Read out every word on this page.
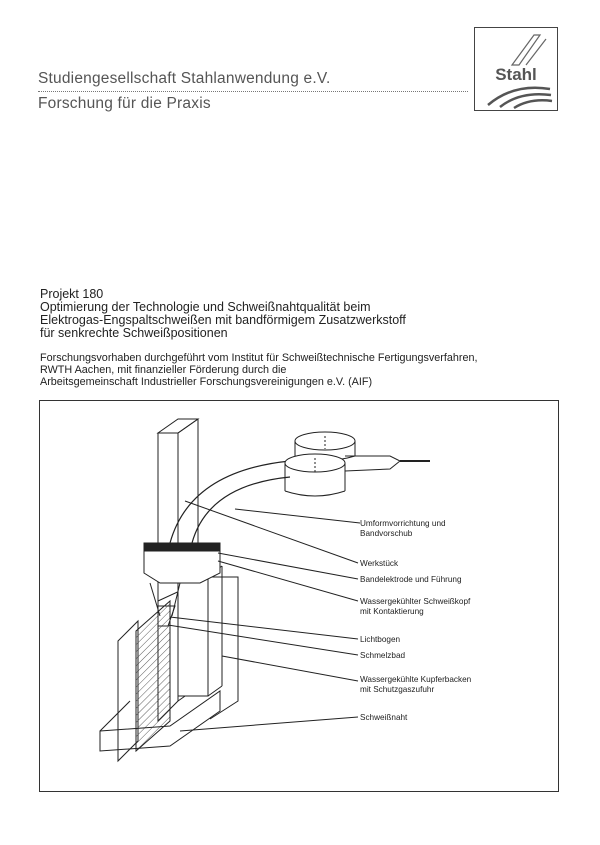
Studiengesellschaft Stahlanwendung e.V.
Forschung für die Praxis
Stahl
Projekt 180
Optimierung der Technologie und Schweißnahtqualität beim
Elektrogas-Engspaltschweißen mit bandförmigem Zusatzwerkstoff
für senkrechte Schweißpositionen
Forschungsvorhaben durchgeführt vom Institut für Schweißtechnische Fertigungsverfahren,
RWTH Aachen, mit finanzieller Förderung durch die
Arbeitsgemeinschaft Industrieller Forschungsvereinigungen e.V. (AIF)
Umformvorrichtung und
Bandvorschub
Werkstück
Bandelektrode und Führung
Wassergekühlter Schweißkopf
mit Kontaktierung
Lichtbogen
Schmelzbad
Wassergekühlte Kupferbacken
mit Schutzgaszufuhr
Schweißnaht
